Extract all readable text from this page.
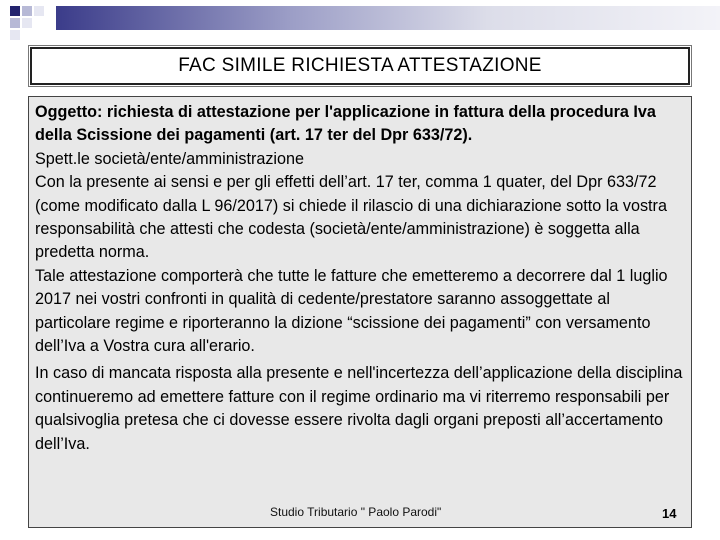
FAC SIMILE RICHIESTA ATTESTAZIONE

Oggetto: richiesta di attestazione per l'applicazione in fattura della procedura Iva della Scissione dei pagamenti (art. 17 ter del Dpr 633/72).

Spett.le società/ente/amministrazione

Con la presente ai sensi e per gli effetti dell’art. 17 ter, comma 1 quater, del Dpr 633/72 (come modificato dalla L 96/2017) si chiede il rilascio di una dichiarazione sotto la vostra responsabilità che attesti che codesta (società/ente/amministrazione) è soggetta alla predetta norma.

Tale attestazione comporterà che tutte le fatture che emetteremo a decorrere dal 1 luglio 2017 nei vostri confronti in qualità di cedente/prestatore saranno assoggettate al particolare regime e riporteranno la dizione “scissione dei pagamenti” con versamento dell’Iva a Vostra cura all'erario.

In caso di mancata risposta alla presente e nell'incertezza dell’applicazione della disciplina continueremo ad emettere fatture con il regime ordinario ma vi riterremo responsabili per qualsivoglia pretesa che ci dovesse essere rivolta dagli organi preposti all’accertamento dell’Iva.

Studio Tributario " Paolo Parodi"	14
